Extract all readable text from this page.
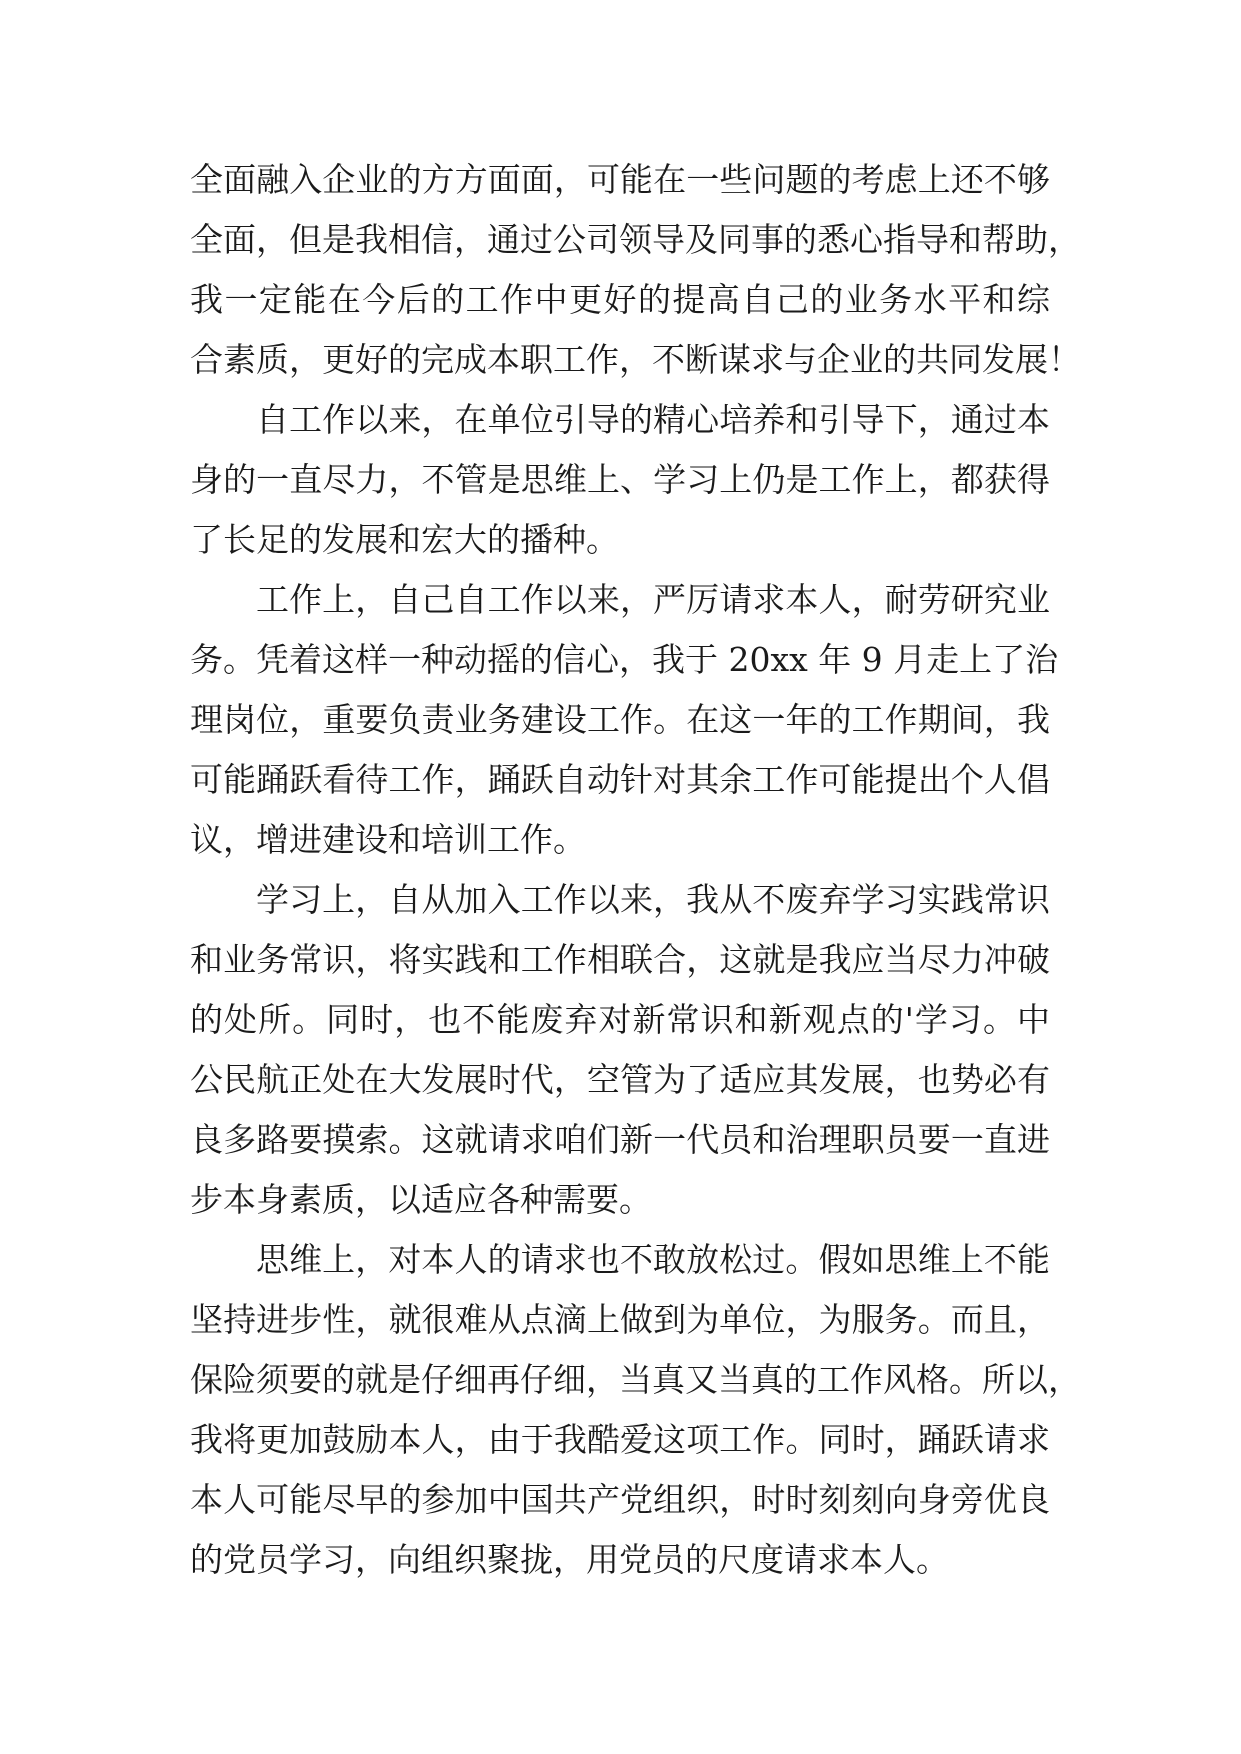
全面融入企业的方方面面，可能在一些问题的考虑上还不够
全面，但是我相信，通过公司领导及同事的悉心指导和帮助，
我一定能在今后的工作中更好的提高自己的业务水平和综
合素质，更好的完成本职工作，不断谋求与企业的共同发展！
自工作以来，在单位引导的精心培养和引导下，通过本
身的一直尽力，不管是思维上、学习上仍是工作上，都获得
了长足的发展和宏大的播种。
工作上，自己自工作以来，严厉请求本人，耐劳研究业
务。凭着这样一种动摇的信心，我于 20xx 年 9 月走上了治
理岗位，重要负责业务建设工作。在这一年的工作期间，我
可能踊跃看待工作，踊跃自动针对其余工作可能提出个人倡
议，增进建设和培训工作。
学习上，自从加入工作以来，我从不废弃学习实践常识
和业务常识，将实践和工作相联合，这就是我应当尽力冲破
的处所。同时，也不能废弃对新常识和新观点的'学习。中
公民航正处在大发展时代，空管为了适应其发展，也势必有
良多路要摸索。这就请求咱们新一代员和治理职员要一直进
步本身素质，以适应各种需要。
思维上，对本人的请求也不敢放松过。假如思维上不能
坚持进步性，就很难从点滴上做到为单位，为服务。而且，
保险须要的就是仔细再仔细，当真又当真的工作风格。所以，
我将更加鼓励本人，由于我酷爱这项工作。同时，踊跃请求
本人可能尽早的参加中国共产党组织，时时刻刻向身旁优良
的党员学习，向组织聚拢，用党员的尺度请求本人。
